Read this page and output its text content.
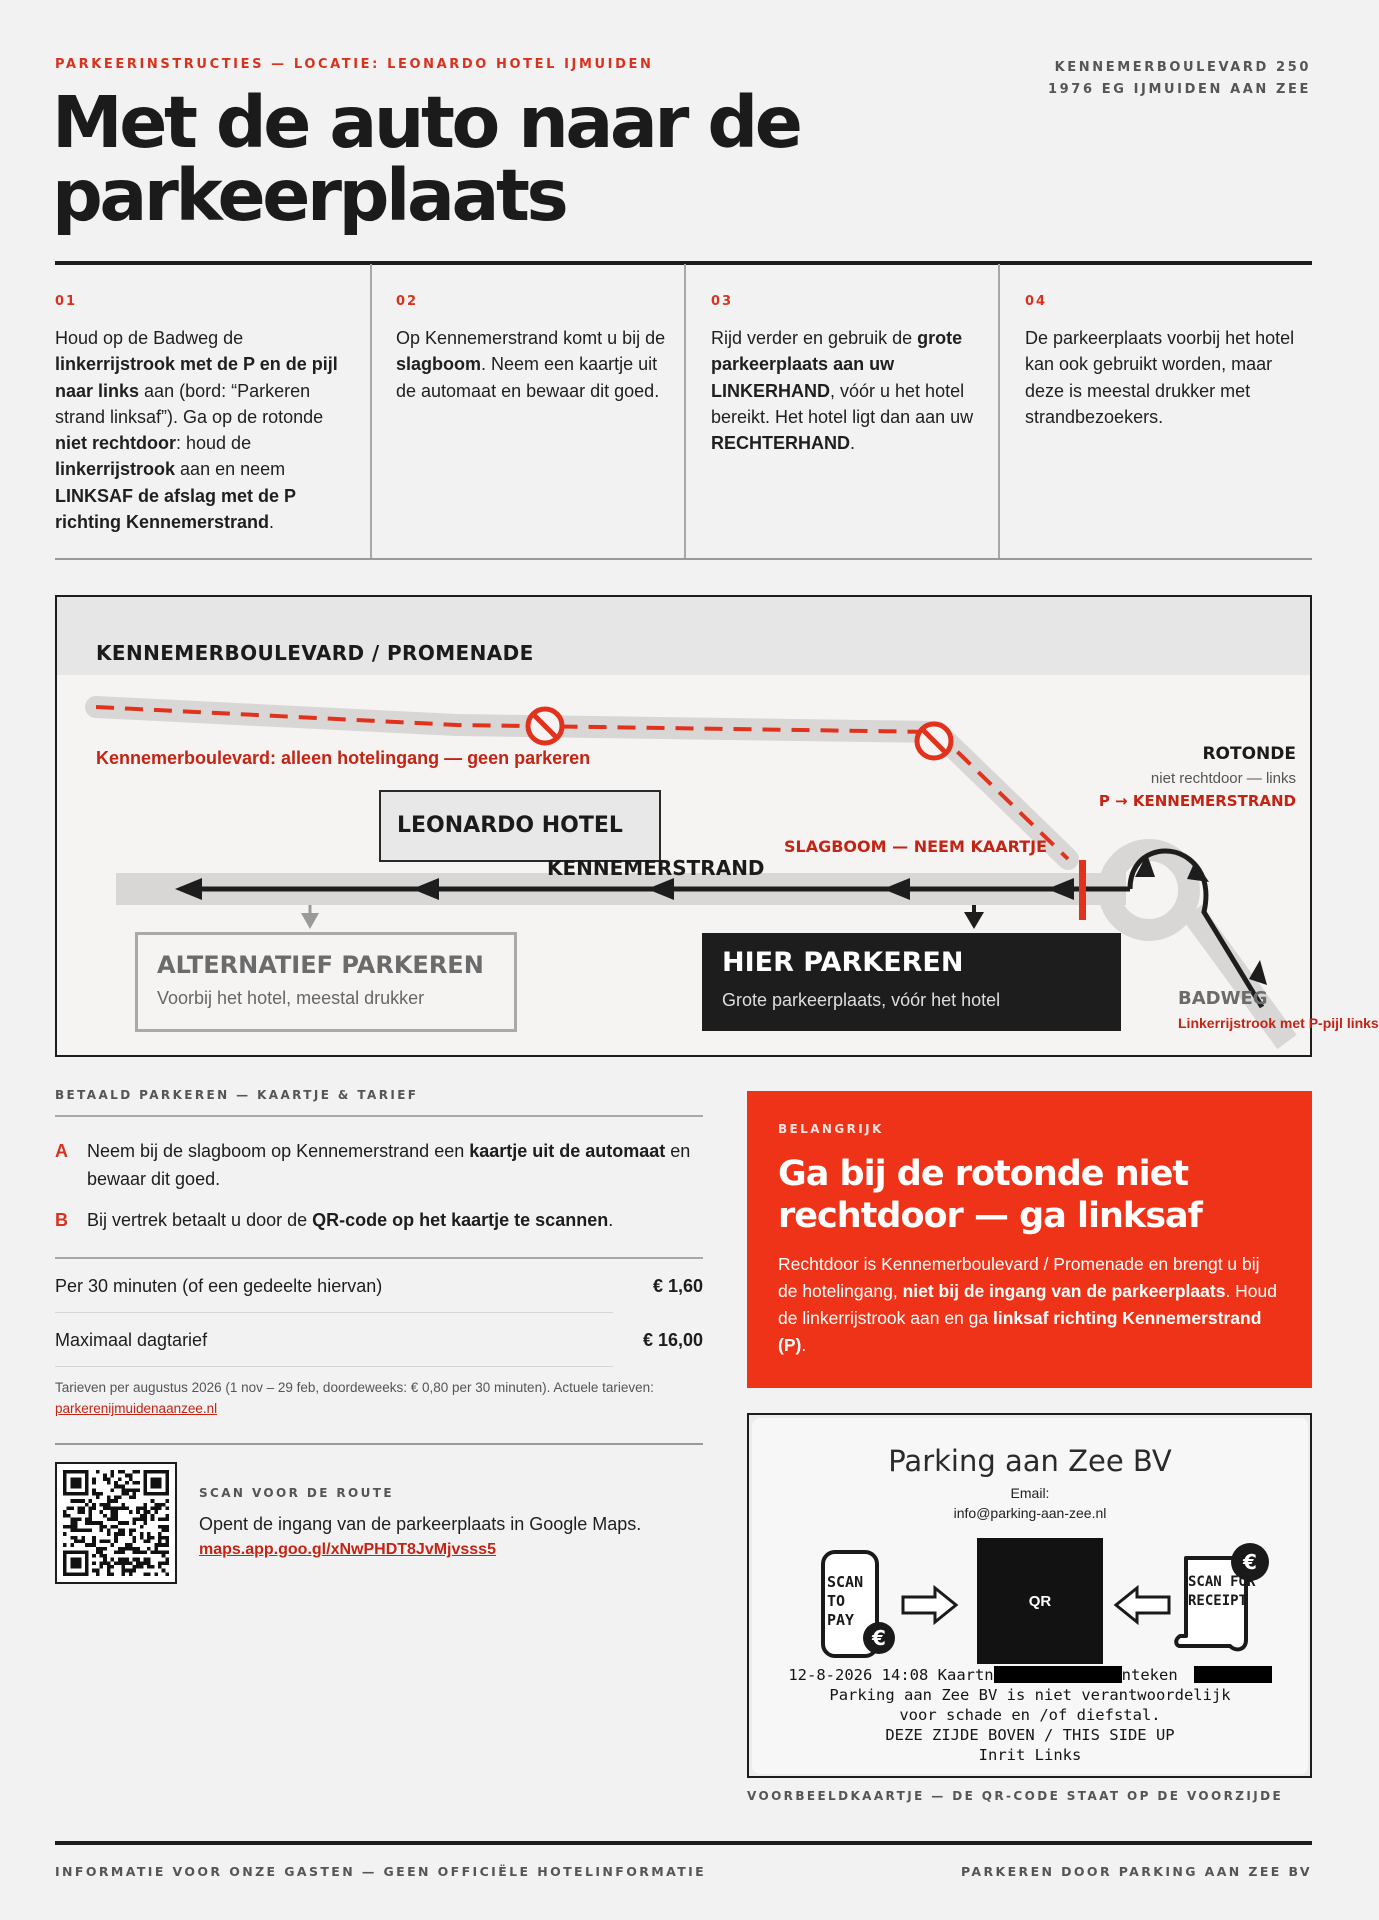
PARKEERINSTRUCTIES — LOCATIE: LEONARDO HOTEL IJMUIDEN	KENNEMERBOULEVARD 250
1976 EG IJMUIDEN AAN ZEE
Met de auto naar de
parkeerplaats
01
Houd op de Badweg de linkerrijstrook met de P en de pijl naar links aan (bord: “Parkeren strand linksaf”). Ga op de rotonde niet rechtdoor: houd de linkerrijstrook aan en neem LINKSAF de afslag met de P richting Kennemerstrand.
02
Op Kennemerstrand komt u bij de slagboom. Neem een kaartje uit de automaat en bewaar dit goed.
03
Rijd verder en gebruik de grote parkeerplaats aan uw LINKERHAND, vóór u het hotel bereikt. Het hotel ligt dan aan uw RECHTERHAND.
04
De parkeerplaats voorbij het hotel kan ook gebruikt worden, maar deze is meestal drukker met strandbezoekers.
KENNEMERBOULEVARD / PROMENADE
Kennemerboulevard: alleen hotelingang — geen parkeren	ROTONDE
niet rechtdoor — links
P → KENNEMERSTRAND
LEONARDO HOTEL
KENNEMERSTRAND
SLAGBOOM — NEEM KAARTJE
ALTERNATIEF PARKEREN
Voorbij het hotel, meestal drukker
HIER PARKEREN
Grote parkeerplaats, vóór het hotel	BADWEG
Linkerrijstrook met P-pijl links
BETAALD PARKEREN — KAARTJE & TARIEF
A Neem bij de slagboom op Kennemerstrand een kaartje uit de automaat en bewaar dit goed.
B Bij vertrek betaalt u door de QR-code op het kaartje te scannen.
Per 30 minuten (of een gedeelte hiervan)	€ 1,60
Maximaal dagtarief	€ 16,00
Tarieven per augustus 2026 (1 nov – 29 feb, doordeweeks: € 0,80 per 30 minuten). Actuele tarieven:
parkerenijmuidenaanzee.nl
SCAN VOOR DE ROUTE
Opent de ingang van de parkeerplaats in Google Maps.
maps.app.goo.gl/xNwPHDT8JvMjvsss5
BELANGRIJK
Ga bij de rotonde niet rechtdoor — ga linksaf
Rechtdoor is Kennemerboulevard / Promenade en brengt u bij de hotelingang, niet bij de ingang van de parkeerplaats. Houd de linkerrijstrook aan en ga linksaf richting Kennemerstrand (P).
Parking aan Zee BV
Email:
info@parking-aan-zee.nl
€
SCAN TO PAY
QR
€
SCAN FOR RECEIPT
12-8-2026 14:08 Kaartn	nteken
Parking aan Zee BV is niet verantwoordelijk
voor schade en /of diefstal.
DEZE ZIJDE BOVEN / THIS SIDE UP
Inrit Links
VOORBEELDKAARTJE — DE QR-CODE STAAT OP DE VOORZIJDE
INFORMATIE VOOR ONZE GASTEN — GEEN OFFICIËLE HOTELINFORMATIE	PARKEREN DOOR PARKING AAN ZEE BV
